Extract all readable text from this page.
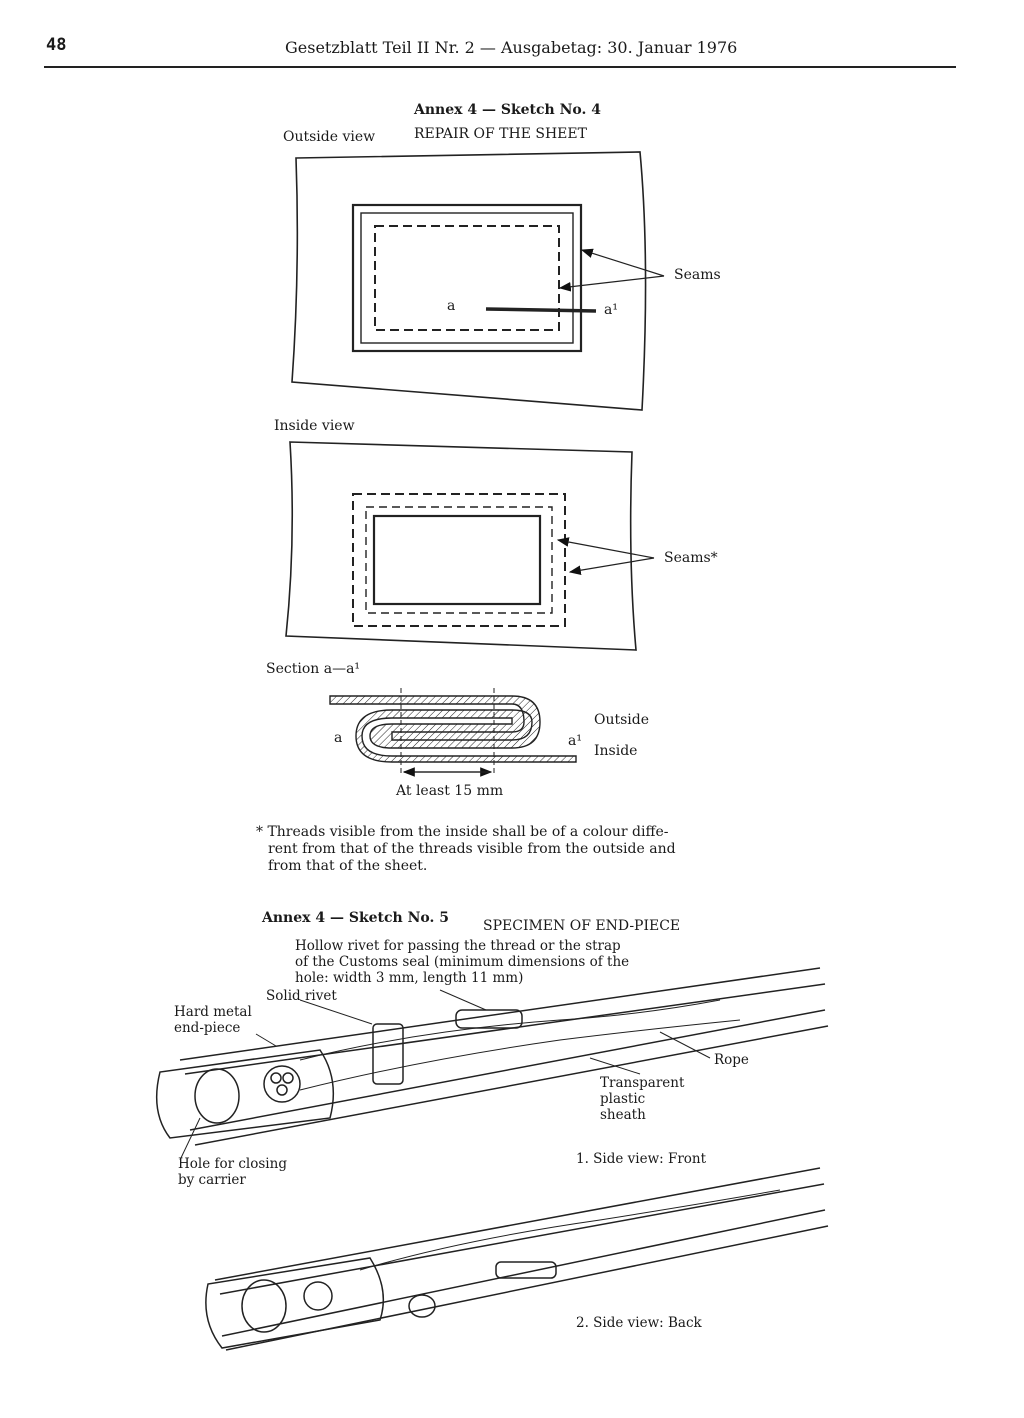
48	Gesetzblatt Teil II Nr. 2 — Ausgabetag: 30. Januar 1976
Annex 4 — Sketch No. 4
Outside view	REPAIR OF THE SHEET
Seams
a	a¹
Inside view
Seams*
Section a—a¹
Outside
Inside
a	a¹
At least 15 mm
* Threads visible from the inside shall be of a colour diffe-
rent from that of the threads visible from the outside and
from that of the sheet.
Annex 4 — Sketch No. 5 SPECIMEN OF END-PIECE
Hollow rivet for passing the thread or the strap
of the Customs seal (minimum dimensions of the
hole: width 3 mm, length 11 mm)
Solid rivet
Hard metal
end-piece
Rope
Transparent
plastic
sheath
1. Side view: Front
Hole for closing
by carrier
2. Side view: Back
